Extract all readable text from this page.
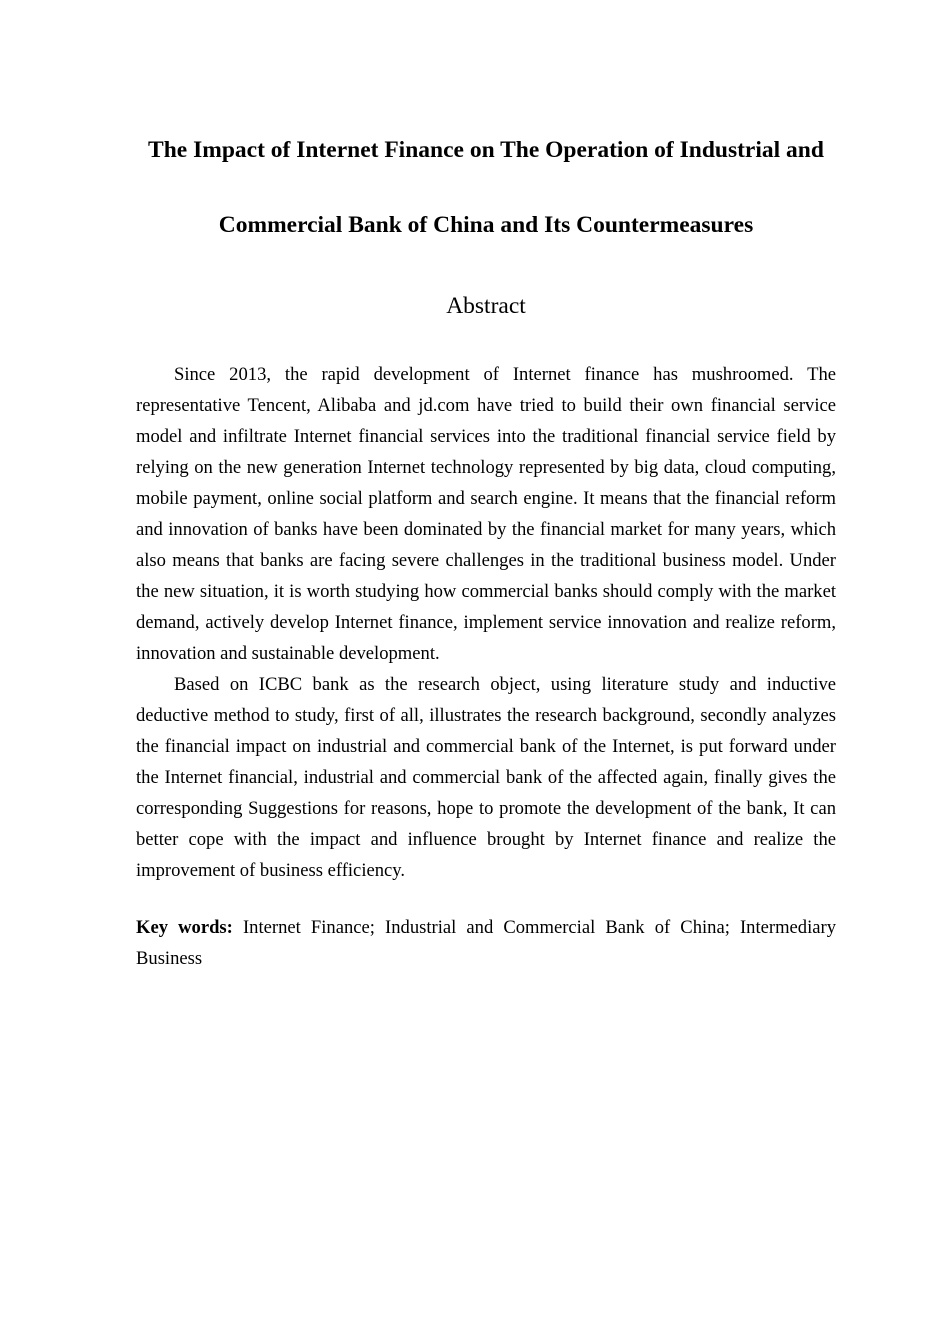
The Impact of Internet Finance on The Operation of Industrial and
Commercial Bank of China and Its Countermeasures
Abstract

Since 2013, the rapid development of Internet finance has mushroomed. The representative Tencent, Alibaba and jd.com have tried to build their own financial service model and infiltrate Internet financial services into the traditional financial service field by relying on the new generation Internet technology represented by big data, cloud computing, mobile payment, online social platform and search engine. It means that the financial reform and innovation of banks have been dominated by the financial market for many years, which also means that banks are facing severe challenges in the traditional business model. Under the new situation, it is worth studying how commercial banks should comply with the market demand, actively develop Internet finance, implement service innovation and realize reform, innovation and sustainable development.

Based on ICBC bank as the research object, using literature study and inductive deductive method to study, first of all, illustrates the research background, secondly analyzes the financial impact on industrial and commercial bank of the Internet, is put forward under the Internet financial, industrial and commercial bank of the affected again, finally gives the corresponding Suggestions for reasons, hope to promote the development of the bank, It can better cope with the impact and influence brought by Internet finance and realize the improvement of business efficiency.

Key words: Internet Finance; Industrial and Commercial Bank of China; Intermediary Business
